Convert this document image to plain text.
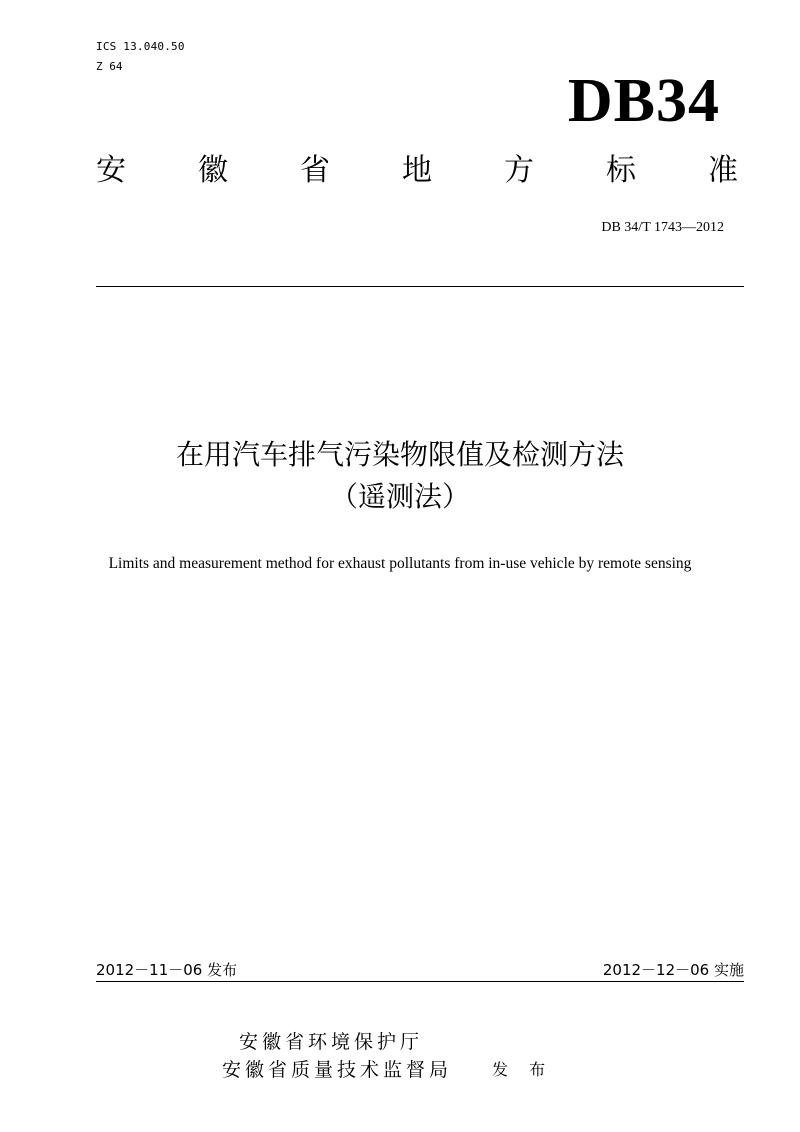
ICS 13.040.50
Z 64
DB34
安 徽 省 地 方 标 准
DB 34/T 1743—2012
在用汽车排气污染物限值及检测方法
（遥测法）
Limits and measurement method for exhaust pollutants from in-use vehicle by remote sensing
2012－11－06 发布	2012－12－06 实施
安徽省环境保护厅
安徽省质量技术监督局	发 布
